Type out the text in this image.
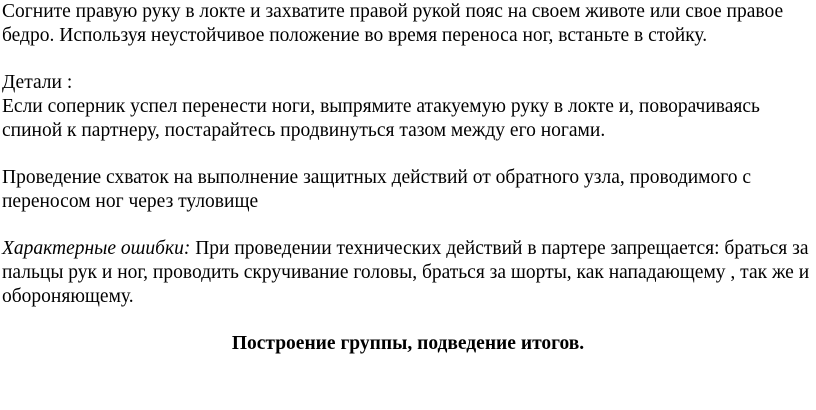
Согните правую руку в локте и захватите правой рукой пояс на своем животе или свое правое бедро. Используя неустойчивое положение во время переноса ног, встаньте в стойку.

Детали :

Если соперник успел перенести ноги, выпрямите атакуемую руку в локте и, поворачиваясь спиной к партнеру, постарайтесь продвинуться тазом между его ногами.

Проведение схваток на выполнение защитных действий от обратного узла, проводимого с переносом ног через туловище

Характерные ошибки: При проведении технических действий в партере запрещается: браться за пальцы рук и ног, проводить скручивание головы, браться за шорты, как нападающему , так же и обороняющему.

Построение группы, подведение итогов.
